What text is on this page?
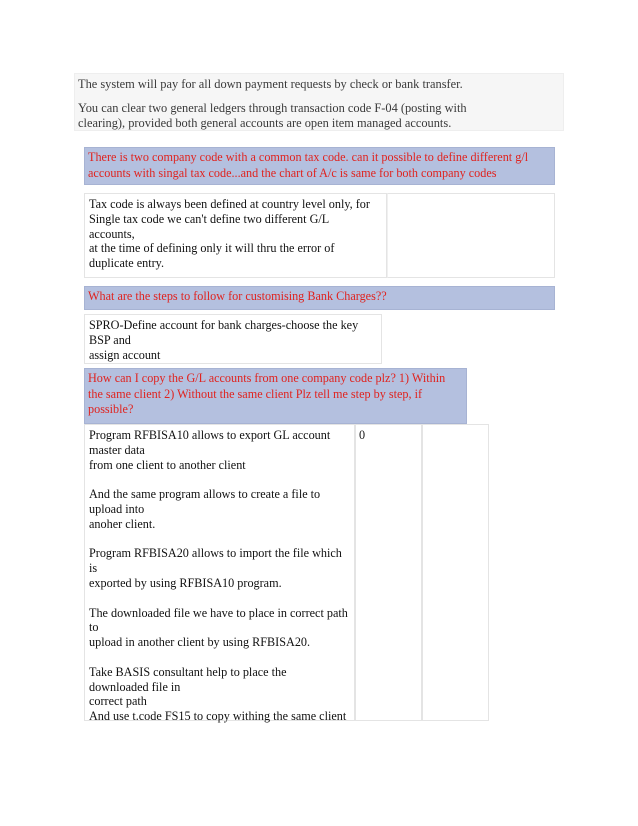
The system will pay for all down payment requests by check or bank transfer.

You can clear two general ledgers through transaction code F-04 (posting with
clearing), provided both general accounts are open item managed accounts.

There is two company code with a common tax code. can it possible to define different g/l
accounts with singal tax code...and the chart of A/c is same for both company codes
Tax code is always been defined at country level only, for
Single tax code we can't define two different G/L
accounts,
at the time of defining only it will thru the error of
duplicate entry.
What are the steps to follow for customising Bank Charges??
SPRO-Define account for bank charges-choose the key
BSP and
assign account
How can I copy the G/L accounts from one company code plz? 1) Within
the same client 2) Without the same client Plz tell me step by step, if
possible?
Program RFBISA10 allows to export GL account
master data
from one client to another client
And the same program allows to create a file to
upload into
anoher client.
Program RFBISA20 allows to import the file which
is
exported by using RFBISA10 program.
The downloaded file we have to place in correct path
to
upload in another client by using RFBISA20.
Take BASIS consultant help to place the
downloaded file in
correct path
And use t.code FS15 to copy withing the same client
0
